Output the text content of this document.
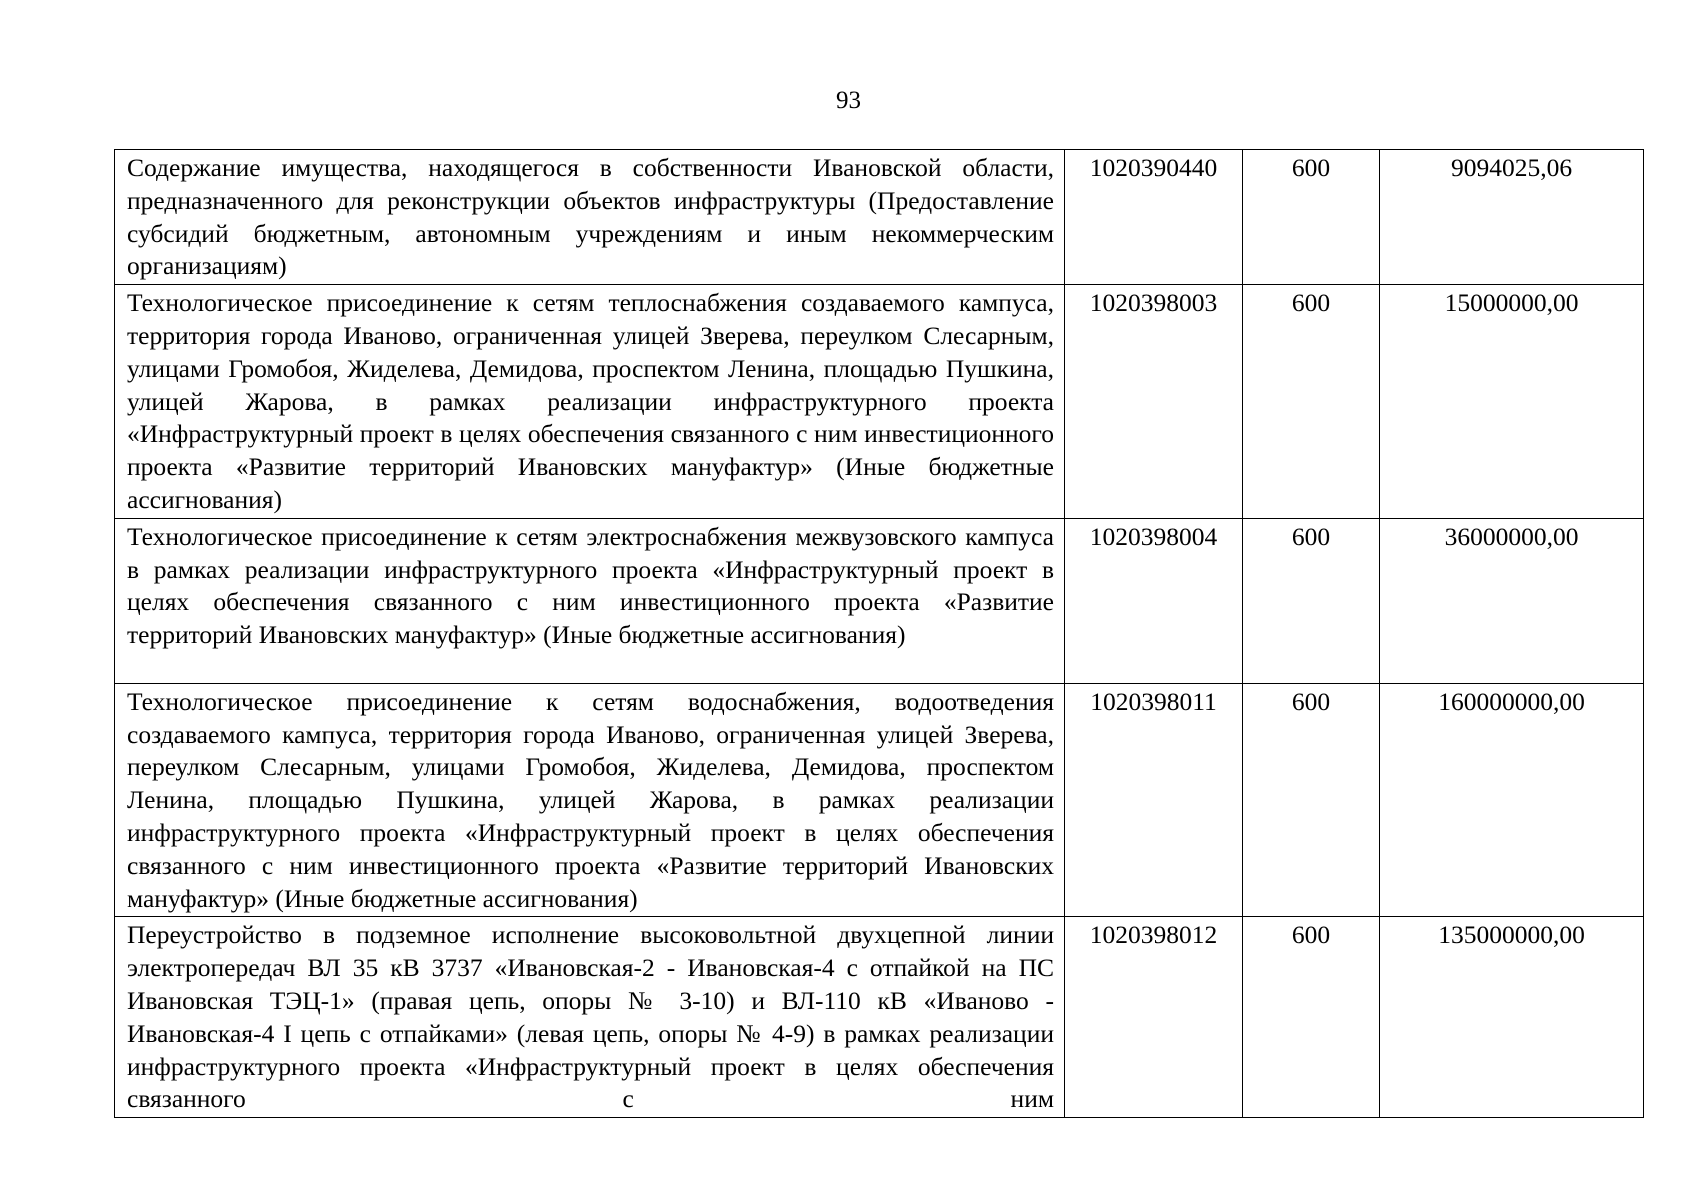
93
Содержание имущества, находящегося в собственности Ивановской области, предназначенного для реконструкции объектов инфраструктуры (Предоставление субсидий бюджетным, автономным учреждениям и иным некоммерческим организациям)	1020390440	600	9094025,06
Технологическое присоединение к сетям теплоснабжения создаваемого кампуса, территория города Иваново, ограниченная улицей Зверева, переулком Слесарным, улицами Громобоя, Жиделева, Демидова, проспектом Ленина, площадью Пушкина, улицей Жарова, в рамках реализации инфраструктурного проекта «Инфраструктурный проект в целях обеспечения связанного с ним инвестиционного проекта «Развитие территорий Ивановских мануфактур» (Иные бюджетные ассигнования)	1020398003	600	15000000,00
Технологическое присоединение к сетям электроснабжения межвузовского кампуса в рамках реализации инфраструктурного проекта «Инфраструктурный проект в целях обеспечения связанного с ним инвестиционного проекта «Развитие территорий Ивановских мануфактур» (Иные бюджетные ассигнования)	1020398004	600	36000000,00
Технологическое присоединение к сетям водоснабжения, водоотведения создаваемого кампуса, территория города Иваново, ограниченная улицей Зверева, переулком Слесарным, улицами Громобоя, Жиделева, Демидова, проспектом Ленина, площадью Пушкина, улицей Жарова, в рамках реализации инфраструктурного проекта «Инфраструктурный проект в целях обеспечения связанного с ним инвестиционного проекта «Развитие территорий Ивановских мануфактур» (Иные бюджетные ассигнования)	1020398011	600	160000000,00
Переустройство в подземное исполнение высоковольтной двухцепной линии электропередач ВЛ 35 кВ 3737 «Ивановская-2 - Ивановская-4 с отпайкой на ПС Ивановская ТЭЦ-1» (правая цепь, опоры № 3-10) и ВЛ-110 кВ «Иваново - Ивановская-4 I цепь с отпайками» (левая цепь, опоры № 4-9) в рамках реализации инфраструктурного проекта «Инфраструктурный проект в целях обеспечения связанного с ним	1020398012	600	135000000,00
